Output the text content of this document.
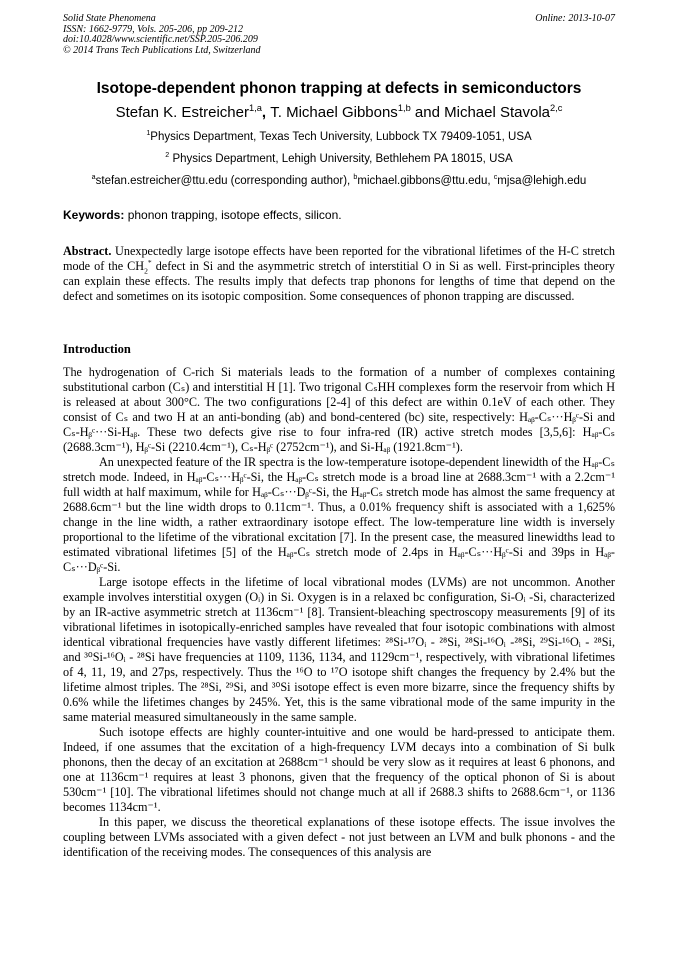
Solid State Phenomena
ISSN: 1662-9779, Vols. 205-206, pp 209-212
doi:10.4028/www.scientific.net/SSP.205-206.209
© 2014 Trans Tech Publications Ltd, Switzerland
Online: 2013-10-07
Isotope-dependent phonon trapping at defects in semiconductors
Stefan K. Estreicher$^{1,a}$, T. Michael Gibbons$^{1,b}$ and Michael Stavola$^{2,c}$
$^1$Physics Department, Texas Tech University, Lubbock TX 79409-1051, USA
$^2$ Physics Department, Lehigh University, Bethlehem PA 18015, USA
$^a$stefan.estreicher@ttu.edu (corresponding author), $^b$michael.gibbons@ttu.edu, $^c$mjsa@lehigh.edu
Keywords: phonon trapping, isotope effects, silicon.

Abstract. Unexpectedly large isotope effects have been reported for the vibrational lifetimes of the H-C stretch mode of the $CH_2^*$ defect in Si and the asymmetric stretch of interstitial O in Si as well. First-principles theory can explain these effects. The results imply that defects trap phonons for lengths of time that depend on the defect and sometimes on its isotopic composition. Some consequences of phonon trapping are discussed.

Introduction

The hydrogenation of C-rich Si materials leads to the formation of a number of complexes containing substitutional carbon (Cₛ) and interstitial H [1]. Two trigonal CₛHH complexes form the reservoir from which H is released at about 300°C. The two configurations [2-4] of this defect are within 0.1eV of each other. They consist of Cₛ and two H at an anti-bonding (ab) and bond-centered (bc) site, respectively: Hₐᵦ-Cₛ···Hᵦᶜ-Si and Cₛ-Hᵦᶜ···Si-Hₐᵦ. These two defects give rise to four infra-red (IR) active stretch modes [3,5,6]: Hₐᵦ-Cₛ (2688.3cm⁻¹), Hᵦᶜ-Si (2210.4cm⁻¹), Cₛ-Hᵦᶜ (2752cm⁻¹), and Si-Hₐᵦ (1921.8cm⁻¹).

An unexpected feature of the IR spectra is the low-temperature isotope-dependent linewidth of the Hₐᵦ-Cₛ stretch mode. Indeed, in Hₐᵦ-Cₛ···Hᵦᶜ-Si, the Hₐᵦ-Cₛ stretch mode is a broad line at 2688.3cm⁻¹ with a 2.2cm⁻¹ full width at half maximum, while for Hₐᵦ-Cₛ···Dᵦᶜ-Si, the Hₐᵦ-Cₛ stretch mode has almost the same frequency at 2688.6cm⁻¹ but the line width drops to 0.11cm⁻¹. Thus, a 0.01% frequency shift is associated with a 1,625% change in the line width, a rather extraordinary isotope effect. The low-temperature line width is inversely proportional to the lifetime of the vibrational excitation [7]. In the present case, the measured linewidths lead to estimated vibrational lifetimes [5] of the Hₐᵦ-Cₛ stretch mode of 2.4ps in Hₐᵦ-Cₛ···Hᵦᶜ-Si and 39ps in Hₐᵦ-Cₛ···Dᵦᶜ-Si.

Large isotope effects in the lifetime of local vibrational modes (LVMs) are not uncommon. Another example involves interstitial oxygen (Oᵢ) in Si. Oxygen is in a relaxed bc configuration, Si-Oᵢ -Si, characterized by an IR-active asymmetric stretch at 1136cm⁻¹ [8]. Transient-bleaching spectroscopy measurements [9] of its vibrational lifetimes in isotopically-enriched samples have revealed that four isotopic combinations with almost identical vibrational frequencies have vastly different lifetimes: ²⁸Si-¹⁷Oᵢ - ²⁸Si, ²⁸Si-¹⁶Oᵢ -²⁸Si, ²⁹Si-¹⁶Oᵢ - ²⁸Si, and ³⁰Si-¹⁶Oᵢ - ²⁸Si have frequencies at 1109, 1136, 1134, and 1129cm⁻¹, respectively, with vibrational lifetimes of 4, 11, 19, and 27ps, respectively. Thus the ¹⁶O to ¹⁷O isotope shift changes the frequency by 2.4% but the lifetime almost triples. The ²⁸Si, ²⁹Si, and ³⁰Si isotope effect is even more bizarre, since the frequency shifts by 0.6% while the lifetimes changes by 245%. Yet, this is the same vibrational mode of the same impurity in the same material measured simultaneously in the same sample.

Such isotope effects are highly counter-intuitive and one would be hard-pressed to anticipate them. Indeed, if one assumes that the excitation of a high-frequency LVM decays into a combination of Si bulk phonons, then the decay of an excitation at 2688cm⁻¹ should be very slow as it requires at least 6 phonons, and one at 1136cm⁻¹ requires at least 3 phonons, given that the frequency of the optical phonon of Si is about 530cm⁻¹ [10]. The vibrational lifetimes should not change much at all if 2688.3 shifts to 2688.6cm⁻¹, or 1136 becomes 1134cm⁻¹.

In this paper, we discuss the theoretical explanations of these isotope effects. The issue involves the coupling between LVMs associated with a given defect - not just between an LVM and bulk phonons - and the identification of the receiving modes. The consequences of this analysis are
